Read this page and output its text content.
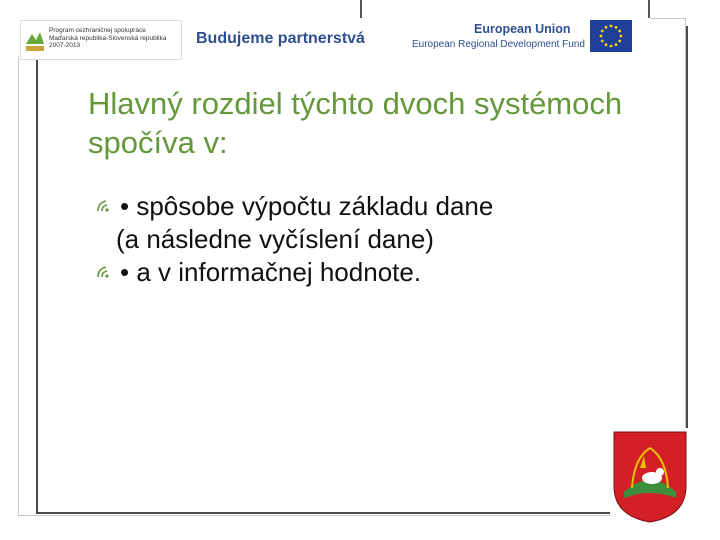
Program cezhraničnej spolupráce
Maďarská republika-Slovenská republika
2007-2013	Budujeme partnerstvá
European Union
European Regional Development Fund
Hlavný rozdiel týchto dvoch systémoch spočíva v:
• spôsobe výpočtu základu dane
(a následne vyčíslení dane)
• a v informačnej hodnote.
